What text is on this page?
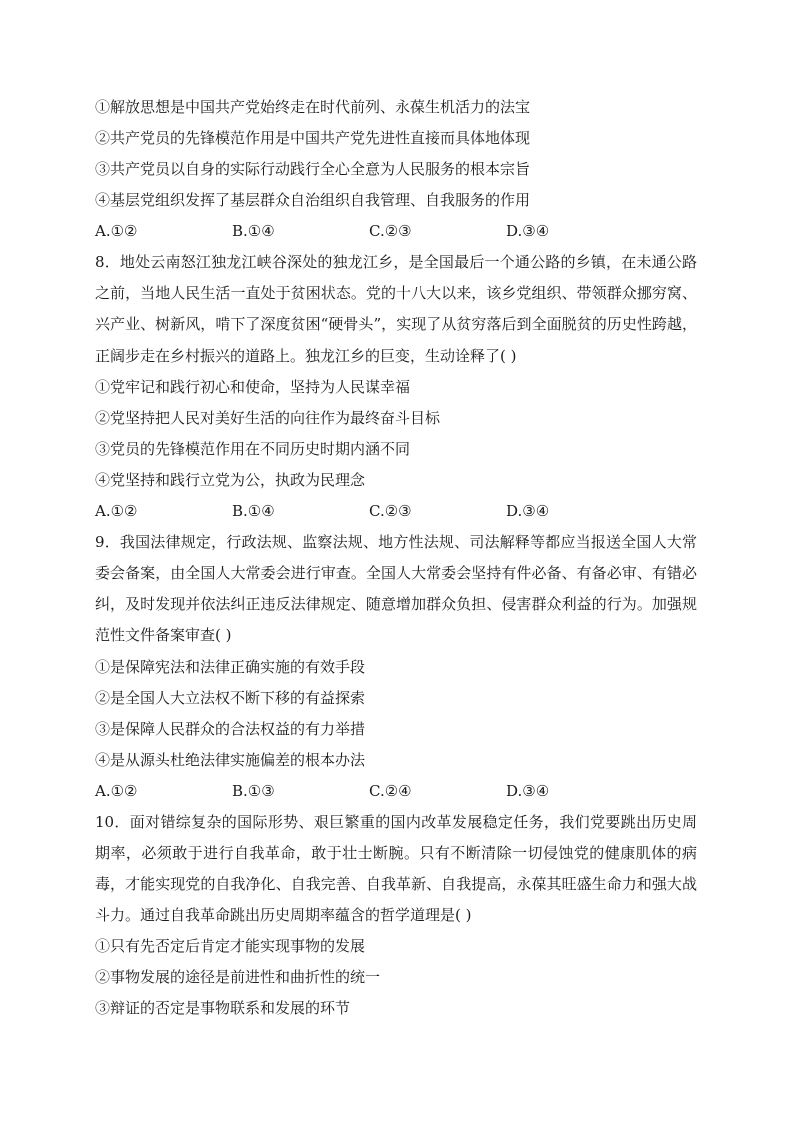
①解放思想是中国共产党始终走在时代前列、永葆生机活力的法宝
②共产党员的先锋模范作用是中国共产党先进性直接而具体地体现
③共产党员以自身的实际行动践行全心全意为人民服务的根本宗旨
④基层党组织发挥了基层群众自治组织自我管理、自我服务的作用
A.①②	B.①④	C.②③	D.③④
8．地处云南怒江独龙江峡谷深处的独龙江乡，是全国最后一个通公路的乡镇，在未通公路之前，当地人民生活一直处于贫困状态。党的十八大以来，该乡党组织、带领群众挪穷窝、兴产业、树新风，啃下了深度贫困“硬骨头”，实现了从贫穷落后到全面脱贫的历史性跨越，正阔步走在乡村振兴的道路上。独龙江乡的巨变，生动诠释了( )
①党牢记和践行初心和使命，坚持为人民谋幸福
②党坚持把人民对美好生活的向往作为最终奋斗目标
③党员的先锋模范作用在不同历史时期内涵不同
④党坚持和践行立党为公，执政为民理念
A.①②	B.①④	C.②③	D.③④
9．我国法律规定，行政法规、监察法规、地方性法规、司法解释等都应当报送全国人大常委会备案，由全国人大常委会进行审查。全国人大常委会坚持有件必备、有备必审、有错必纠，及时发现并依法纠正违反法律规定、随意增加群众负担、侵害群众利益的行为。加强规范性文件备案审查( )
①是保障宪法和法律正确实施的有效手段
②是全国人大立法权不断下移的有益探索
③是保障人民群众的合法权益的有力举措
④是从源头杜绝法律实施偏差的根本办法
A.①②	B.①③	C.②④	D.③④
10．面对错综复杂的国际形势、艰巨繁重的国内改革发展稳定任务，我们党要跳出历史周期率，必须敢于进行自我革命，敢于壮士断腕。只有不断清除一切侵蚀党的健康肌体的病毒，才能实现党的自我净化、自我完善、自我革新、自我提高，永葆其旺盛生命力和强大战斗力。通过自我革命跳出历史周期率蕴含的哲学道理是( )
①只有先否定后肯定才能实现事物的发展
②事物发展的途径是前进性和曲折性的统一
③辩证的否定是事物联系和发展的环节
